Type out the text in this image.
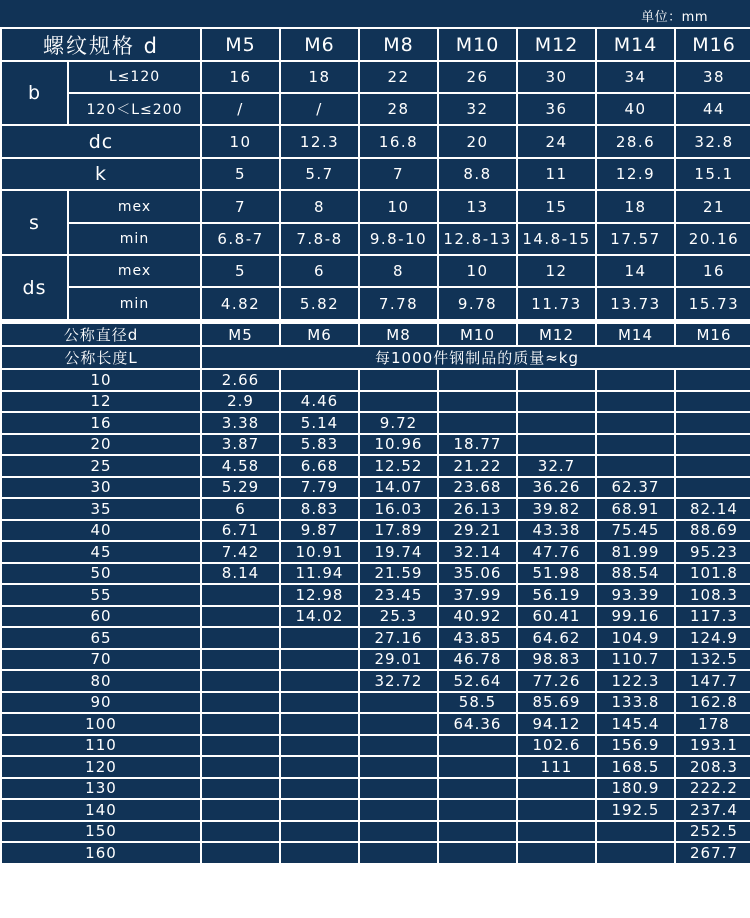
单位：mm
螺纹规格 d		M5	M6	M8	M10	M12	M14	M16
b	L≤120	16	18	22	26	30	34	38
	120＜L≤200	/	/	28	32	36	40	44
dc		10	12.3	16.8	20	24	28.6	32.8
k		5	5.7	7	8.8	11	12.9	15.1
s	mex	7	8	10	13	15	18	21
	min	6.8-7	7.8-8	9.8-10	12.8-13	14.8-15	17.57	20.16
ds	mex	5	6	8	10	12	14	16
	min	4.82	5.82	7.78	9.78	11.73	13.73	15.73
公称直径d	M5	M6	M8	M10	M12	M14	M16
公称长度L	每1000件钢制品的质量≈kg						
10	2.66						
12	2.9	4.46					
16	3.38	5.14	9.72				
20	3.87	5.83	10.96	18.77			
25	4.58	6.68	12.52	21.22	32.7		
30	5.29	7.79	14.07	23.68	36.26	62.37	
35	6	8.83	16.03	26.13	39.82	68.91	82.14
40	6.71	9.87	17.89	29.21	43.38	75.45	88.69
45	7.42	10.91	19.74	32.14	47.76	81.99	95.23
50	8.14	11.94	21.59	35.06	51.98	88.54	101.8
55		12.98	23.45	37.99	56.19	93.39	108.3
60		14.02	25.3	40.92	60.41	99.16	117.3
65			27.16	43.85	64.62	104.9	124.9
70			29.01	46.78	98.83	110.7	132.5
80			32.72	52.64	77.26	122.3	147.7
90				58.5	85.69	133.8	162.8
100				64.36	94.12	145.4	178
110					102.6	156.9	193.1
120					111	168.5	208.3
130						180.9	222.2
140						192.5	237.4
150							252.5
160							267.7
